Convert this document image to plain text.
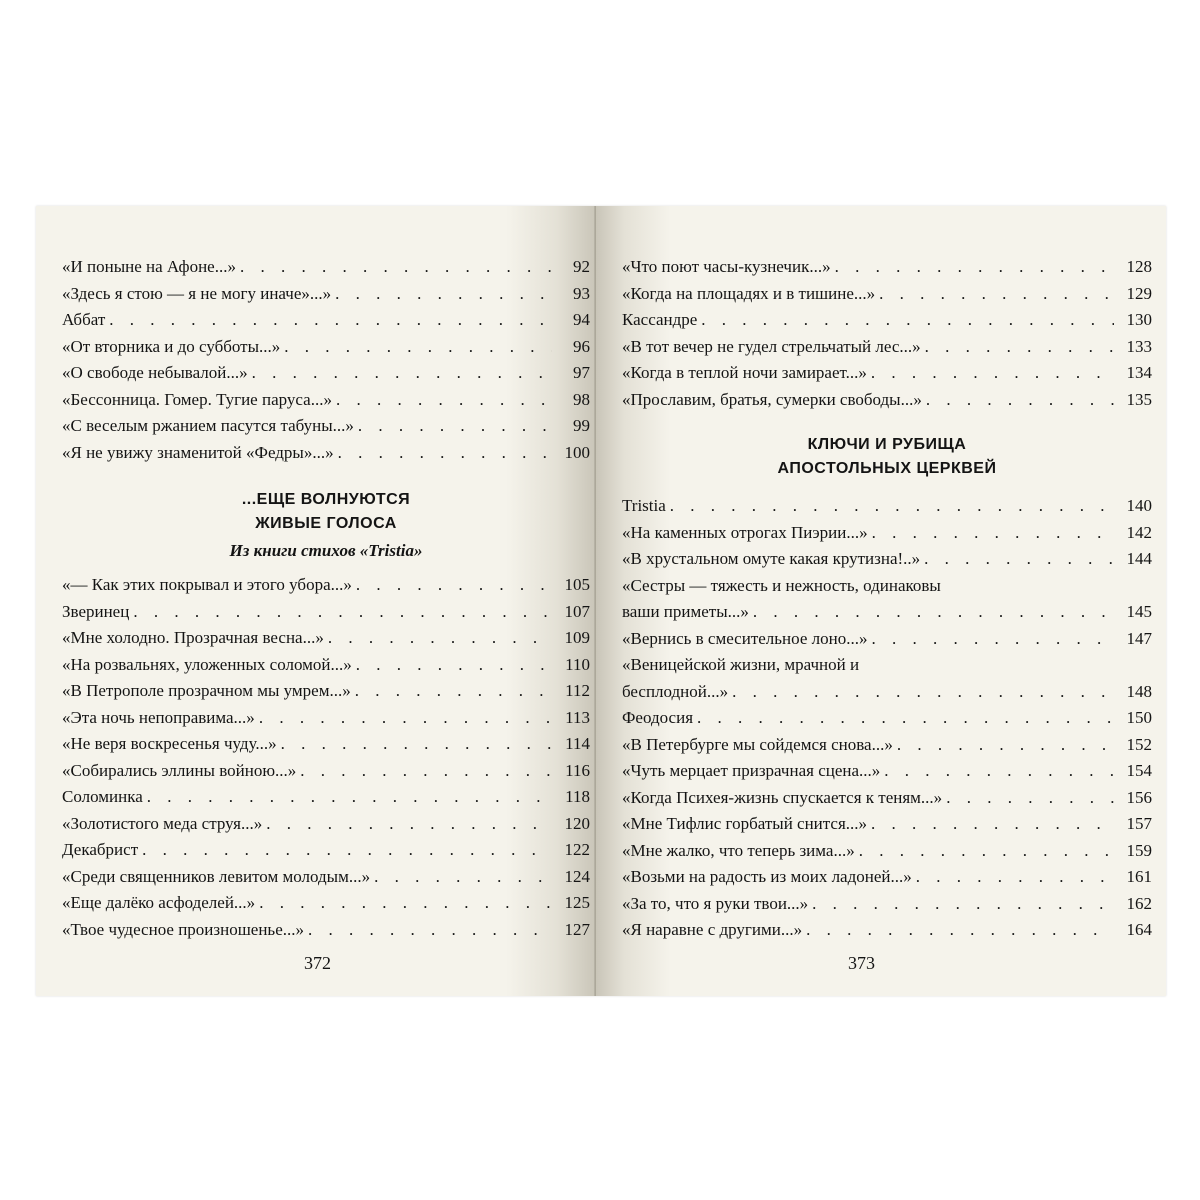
«И поныне на Афоне...» . . .	92
«Здесь я стою — я не могу иначе»...» . . .	93
Аббат . . .	94
«От вторника и до субботы...» . . .	96
«О свободе небывалой...» . . .	97
«Бессонница. Гомер. Тугие паруса...» . . .	98
«С веселым ржанием пасутся табуны...» . . .	99
«Я не увижу знаменитой «Федры»...» . . .	100
...ЕЩЕ ВОЛНУЮТСЯ
ЖИВЫЕ ГОЛОСА
Из книги стихов «Tristia»
«— Как этих покрывал и этого убора...» . . .	105
Зверинец . . .	107
«Мне холодно. Прозрачная весна...» . . .	109
«На розвальнях, уложенных соломой...» . . .	110
«В Петрополе прозрачном мы умрем...» . . .	112
«Эта ночь непоправима...» . . .	113
«Не веря воскресенья чуду...» . . .	114
«Собирались эллины войною...» . . .	116
Соломинка . . .	118
«Золотистого меда струя...» . . .	120
Декабрист . . .	122
«Среди священников левитом молодым...» . . .	124
«Еще далёко асфоделей...» . . .	125
«Твое чудесное произношенье...» . . .	127
372
«Что поют часы-кузнечик...» . . .	128
«Когда на площадях и в тишине...» . . .	129
Кассандре . . .	130
«В тот вечер не гудел стрельчатый лес...» . . .	133
«Когда в теплой ночи замирает...» . . .	134
«Прославим, братья, сумерки свободы...» . . .	135
КЛЮЧИ И РУБИЩА
АПОСТОЛЬНЫХ ЦЕРКВЕЙ
Tristia . . .	140
«На каменных отрогах Пиэрии...» . . .	142
«В хрустальном омуте какая крутизна!..» . . .	144
«Сестры — тяжесть и нежность, одинаковы
ваши приметы...» . . .	145
«Вернись в смесительное лоно...» . . .	147
«Веницейской жизни, мрачной и
бесплодной...» . . .	148
Феодосия . . .	150
«В Петербурге мы сойдемся снова...» . . .	152
«Чуть мерцает призрачная сцена...» . . .	154
«Когда Психея-жизнь спускается к теням...» . . .	156
«Мне Тифлис горбатый снится...» . . .	157
«Мне жалко, что теперь зима...» . . .	159
«Возьми на радость из моих ладоней...» . . .	161
«За то, что я руки твои...» . . .	162
«Я наравне с другими...» . . .	164
373
